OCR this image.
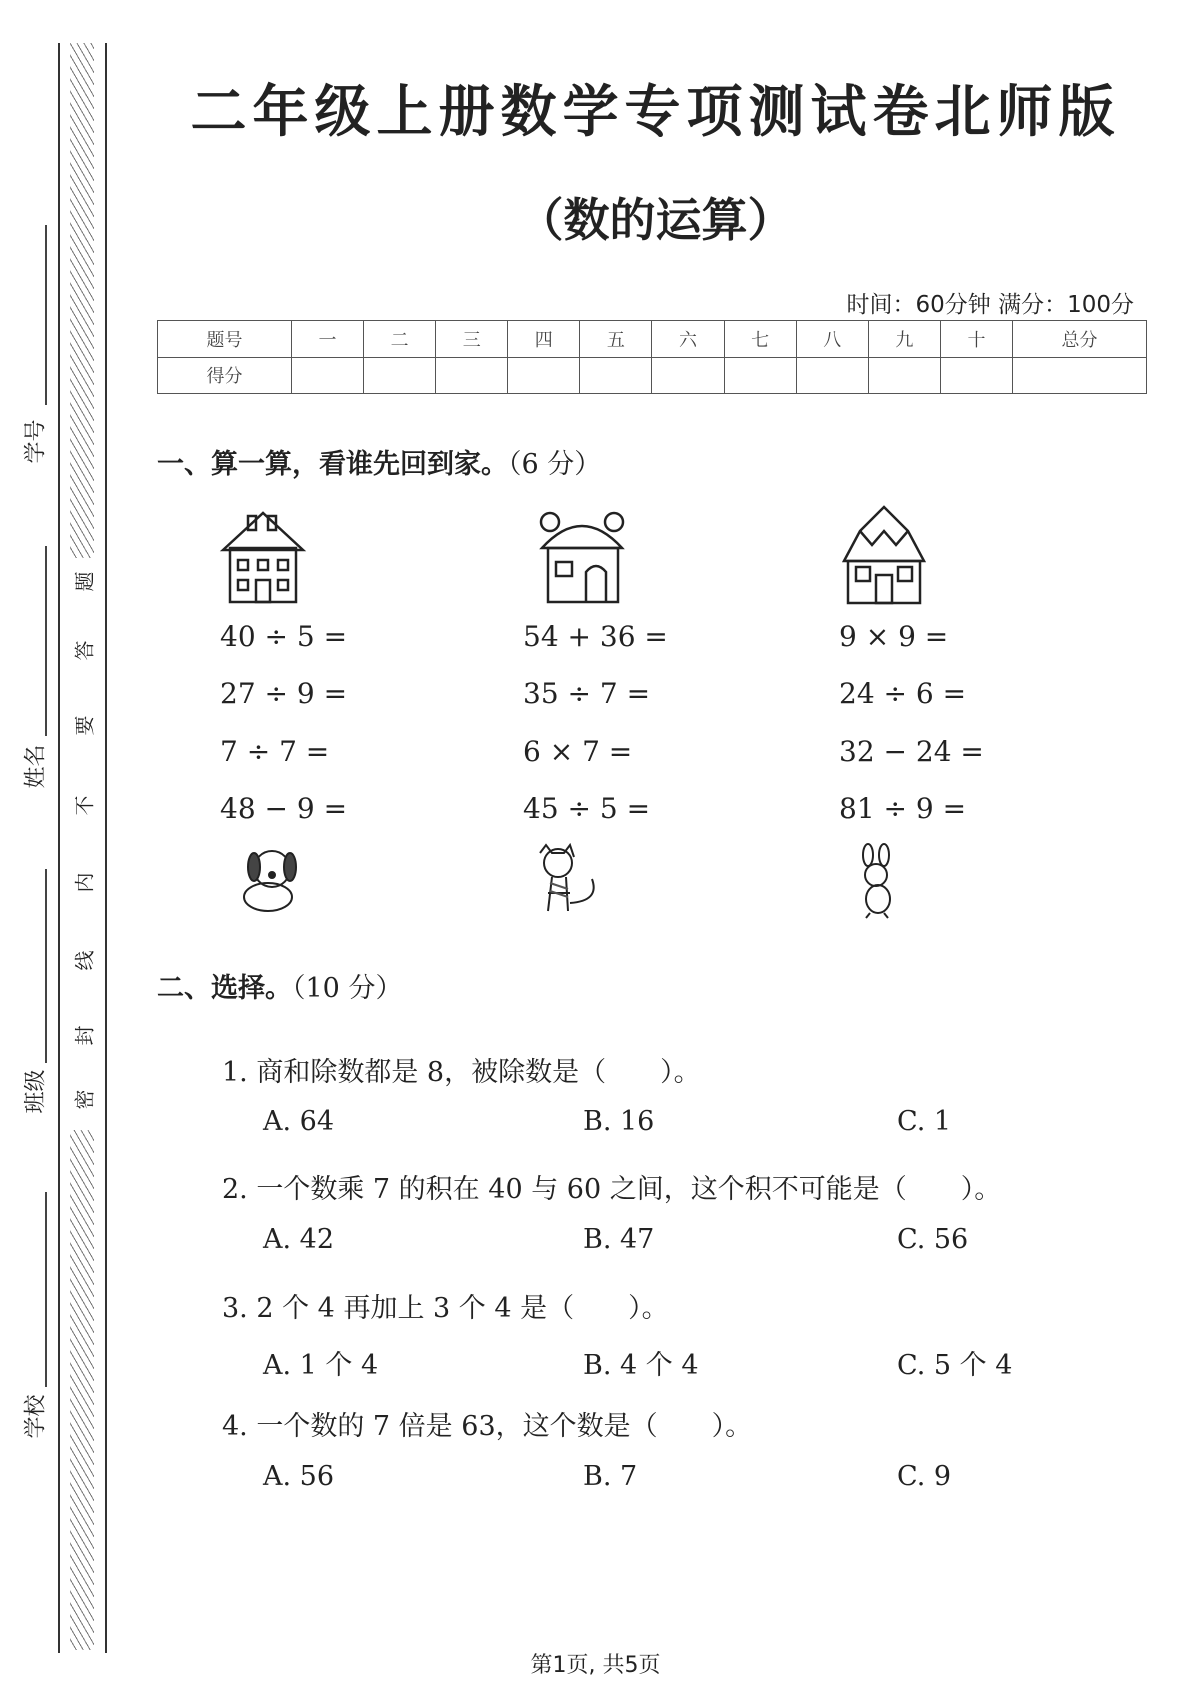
学号
姓名
班级
学校
密
封
线
内
不
要
答
题
二年级上册数学专项测试卷北师版
（数的运算）
时间：60分钟 满分：100分
题号	一	二	三	四	五	六	七	八	九	十	总分
得分											
一、算一算，看谁先回到家。（6 分）
40 ÷ 5 =
27 ÷ 9 =
7 ÷ 7 =
48 − 9 =
54 + 36 =
35 ÷ 7 =
6 × 7 =
45 ÷ 5 =
9 × 9 =
24 ÷ 6 =
32 − 24 =
81 ÷ 9 =
二、选择。（10 分）
1. 商和除数都是 8，被除数是（　　）。
A. 64	B. 16	C. 1
2. 一个数乘 7 的积在 40 与 60 之间，这个积不可能是（　　）。
A. 42	B. 47	C. 56
3. 2 个 4 再加上 3 个 4 是（　　）。
A. 1 个 4	B. 4 个 4	C. 5 个 4
4. 一个数的 7 倍是 63，这个数是（　　）。
A. 56	B. 7	C. 9
第1页, 共5页
